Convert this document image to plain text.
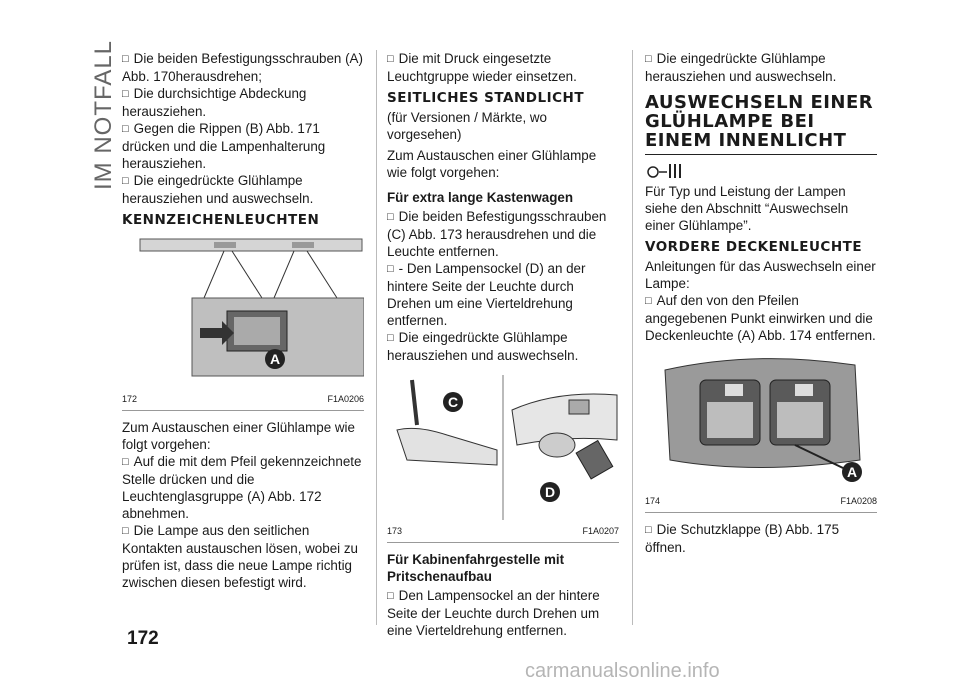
IM NOTFALL

□	Die beiden Befestigungsschrauben (A) Abb. 170herausdrehen;

□ Die durchsichtige Abdeckung herausziehen.

□ Gegen die Rippen (B) Abb. 171 drücken und die Lampenhalterung herausziehen.

□ Die eingedrückte Glühlampe herausziehen und auswechseln.

KENNZEICHENLEUCHTEN
A
172	F1A0206

Zum Austauschen einer Glühlampe wie folgt vorgehen:

□ Auf die mit dem Pfeil gekennzeichnete Stelle drücken und die Leuchtenglasgruppe (A) Abb. 172 abnehmen.

□ Die Lampe aus den seitlichen Kontakten austauschen lösen, wobei zu prüfen ist, dass die neue Lampe richtig zwischen diesen befestigt wird.

□ Die mit Druck eingesetzte Leuchtgruppe wieder einsetzen.

SEITLICHES STANDLICHT

(für Versionen / Märkte, wo vorgesehen)

Zum Austauschen einer Glühlampe wie folgt vorgehen:

Für extra lange Kastenwagen

□ Die beiden Befestigungsschrauben (C) Abb. 173 herausdrehen und die Leuchte entfernen.

□ - Den Lampensockel (D) an der hintere Seite der Leuchte durch Drehen um eine Vierteldrehung entfernen.

□ Die eingedrückte Glühlampe herausziehen und auswechseln.

C
D
173	F1A0207
Für Kabinenfahrgestelle mit Pritschenaufbau

□ Den Lampensockel an der hintere Seite der Leuchte durch Drehen um eine Vierteldrehung entfernen.

□ Die eingedrückte Glühlampe herausziehen und auswechseln.

AUSWECHSELN EINER GLÜHLAMPE BEI EINEM INNENLICHT

Für Typ und Leistung der Lampen siehe den Abschnitt “Auswechseln einer Glühlampe”.

VORDERE DECKENLEUCHTE

Anleitungen für das Auswechseln einer Lampe:

□ Auf den von den Pfeilen angegebenen Punkt einwirken und die Deckenleuchte (A) Abb. 174 entfernen.

A
174	F1A0208

□ Die Schutzklappe (B) Abb. 175 öffnen.

172
carmanualsonline.info
